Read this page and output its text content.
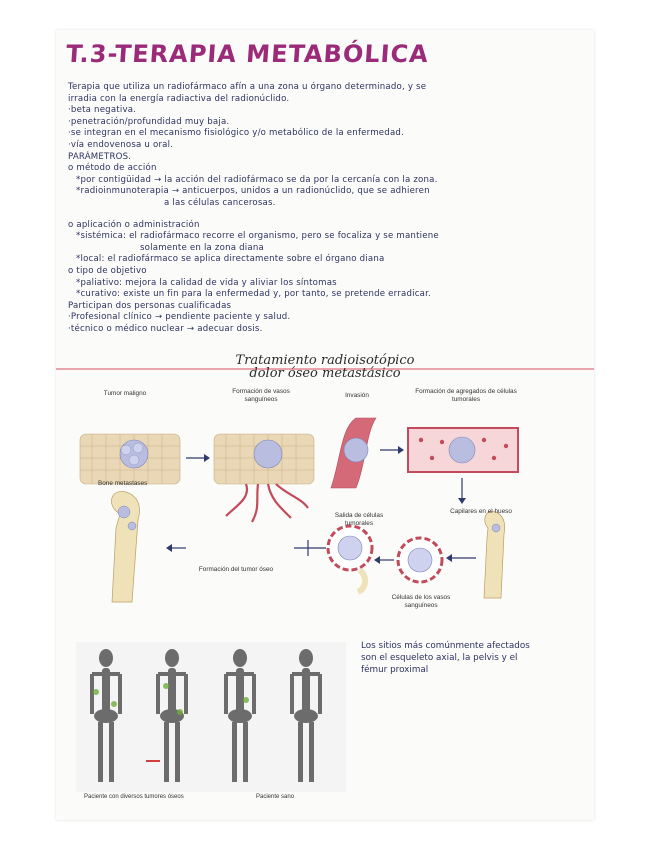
T.3-TERAPIA METABÓLICA

Terapia que utiliza un radiofármaco afín a una zona u órgano determinado, y se

irradia con la energía radiactiva del radionúclido.

·beta negativa.

·penetración/profundidad muy baja.

·se integran en el mecanismo fisiológico y/o metabólico de la enfermedad.

·vía endovenosa u oral.

PARÁMETROS.

o método de acción

*por contigüidad → la acción del radiofármaco se da por la cercanía con la zona.

*radioinmunoterapia → anticuerpos, unidos a un radionúclido, que se adhieren

a las células cancerosas.

o aplicación o administración

*sistémica: el radiofármaco recorre el organismo, pero se focaliza y se mantiene

solamente en la zona diana

*local: el radiofármaco se aplica directamente sobre el órgano diana

o tipo de objetivo

*paliativo: mejora la calidad de vida y aliviar los síntomas

*curativo: existe un fin para la enfermedad y, por tanto, se pretende erradicar.

Participan dos personas cualificadas

·Profesional clínico → pendiente paciente y salud.

·técnico o médico nuclear → adecuar dosis.

Tratamiento radioisotópico

dolor óseo metastásico

Tumor maligno	Formación de vasos sanguíneos	Invasión
Formación de agregados de células tumorales
Bone metastases
Capilares en el hueso
Salida de células tumorales
Formación del tumor óseo
Células de los vasos sanguíneos
Paciente con diversos tumores óseos	Paciente sano

Los sitios más comúnmente afectados

son el esqueleto axial, la pelvis y el

fémur proximal
